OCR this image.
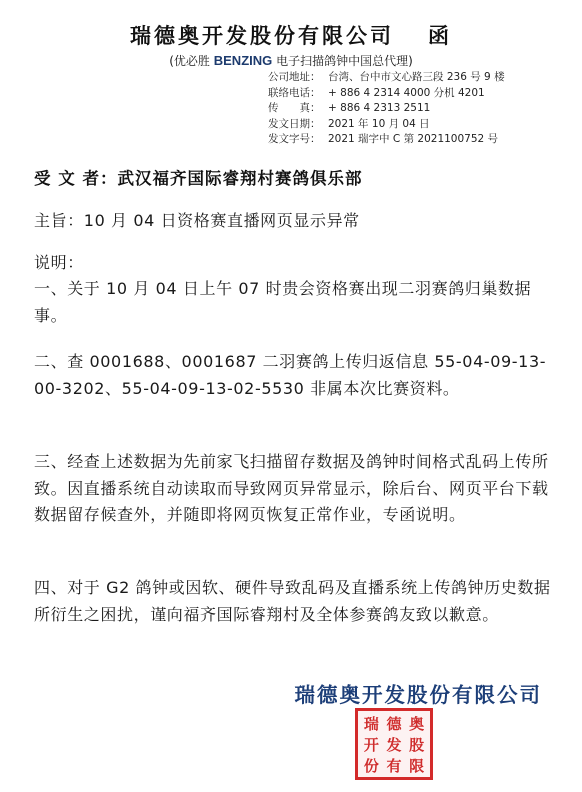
瑞德奥开发股份有限公司 函
(优必胜 BENZING 电子扫描鸽钟中国总代理)
公司地址： 台湾、台中市文心路三段 236 号 9 楼
联络电话： + 886 4 2314 4000 分机 4201
传　　真： + 886 4 2313 2511
发文日期： 2021 年 10 月 04 日
发文字号： 2021 瑞字中 C 第 2021100752 号
受 文 者：武汉福齐国际睿翔村赛鸽俱乐部
主旨：10 月 04 日资格赛直播网页显示异常
说明：
一、关于 10 月 04 日上午 07 时贵会资格赛出现二羽赛鸽归巢数据事。
二、查 0001688、0001687 二羽赛鸽上传归返信息 55-04-09-13-00-3202、55-04-09-13-02-5530 非属本次比赛资料。
三、经查上述数据为先前家飞扫描留存数据及鸽钟时间格式乱码上传所致。因直播系统自动读取而导致网页异常显示，除后台、网页平台下载数据留存候查外，并随即将网页恢复正常作业，专函说明。
四、对于 G2 鸽钟或因软、硬件导致乱码及直播系统上传鸽钟历史数据所衍生之困扰，谨向福齐国际睿翔村及全体参赛鸽友致以歉意。
瑞德奥开发股份有限公司
瑞 德 奥
开 发 股
份 有 限
